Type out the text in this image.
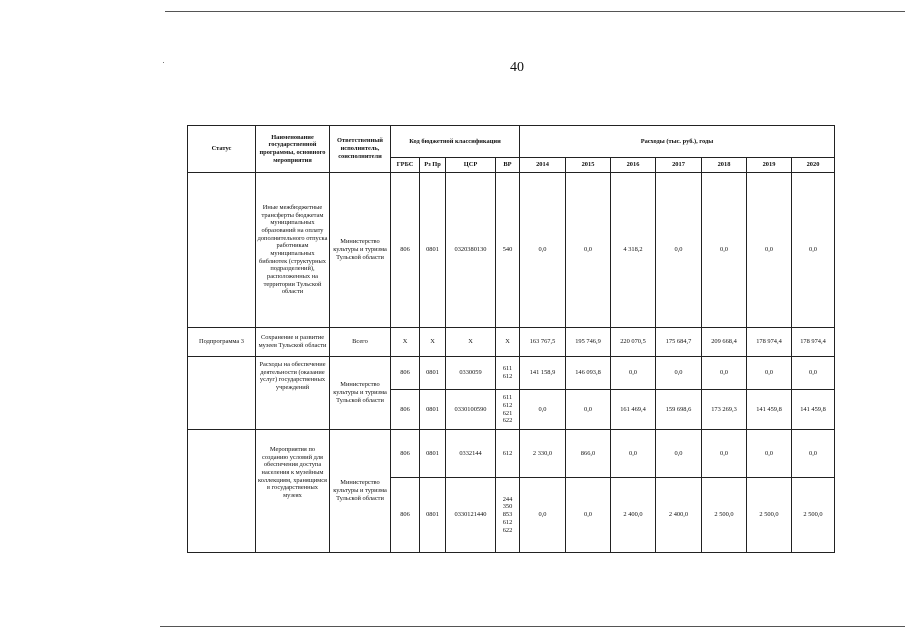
40
Статус	Наименование государственной программы, основного мероприятия	Ответственный исполнитель, соисполнители	Код бюджетной классификации				Расходы (тыс. руб.), годы						
			ГРБС	Рз Пр	ЦСР	ВР	2014	2015	2016	2017	2018	2019	2020
	Иные межбюджетные трансферты бюджетам муниципальных образований на оплату дополнительного отпуска работникам муниципальных библиотек (структурных подразделений), расположенных на территории Тульской области	Министерство культуры и туризма Тульской области	806	0801	0320380130	540	0,0	0,0	4 318,2	0,0	0,0	0,0	0,0
Подпрограмма 3	Сохранение и развитие музеев Тульской области	Всего	X	X	X	X	163 767,5	195 746,9	220 070,5	175 684,7	209 668,4	178 974,4	178 974,4
	Расходы на обеспечение деятельности (оказание услуг) государственных учреждений	Министерство культуры и туризма Тульской области	806	0801	0330059	611
612	141 158,9	146 093,8	0,0	0,0	0,0	0,0	0,0
			806	0801	0330100590	611
612
621
622	0,0	0,0	161 469,4	159 698,6	173 269,3	141 459,8	141 459,8
	Мероприятия по созданию условий для обеспечения доступа населения к музейным коллекциям, хранящимся в государственных музеях	Министерство культуры и туризма Тульской области	806	0801	0332144	612	2 330,0	866,0	0,0	0,0	0,0	0,0	0,0
			806	0801	0330121440	244
350
853
612
622	0,0	0,0	2 400,0	2 400,0	2 500,0	2 500,0	2 500,0
